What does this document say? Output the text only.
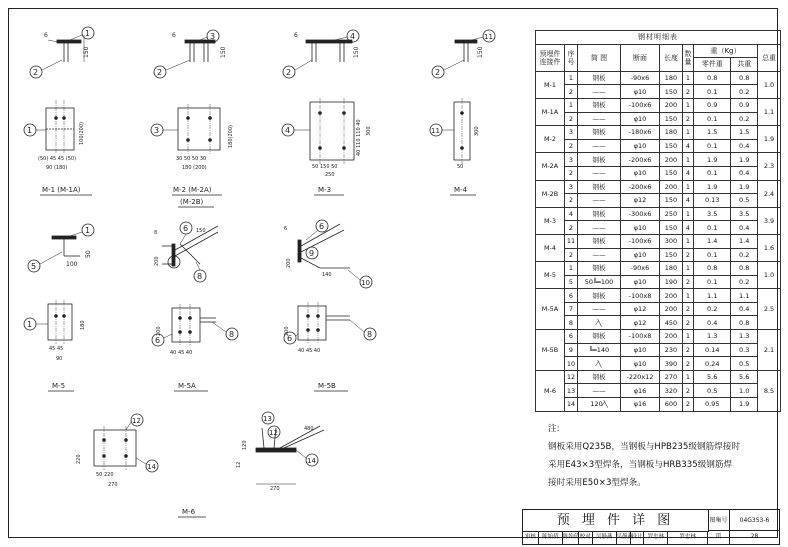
150
6	1
2
100(200)
(50) 45 45 (50)
90 (180)
1
M-1 (M-1A)
150
6	3
2
180(200)
30 50 50 30
180 (200)
3
M-2 (M-2A)
(M-2B)
150
6	4
2
40 110 110 40 300
50 150 50
250
4
M-3
150
11
2
300
50
11
M-4
100
50
1
5
180
45 45
90
1
M-5
200
8	150
6
7
8
200
40 45 40
6
8
M-5A
140
6
200
6
9
10
200
40 45 40
6	8
M-5B
220
50 220
270
12
14
M-6
120
12
480
270
13
12
14
钢材明细表								
预埋件连接件	序号	简 图	断面	长度	数量	重（Kg）		总重
						零件重	共重	
M-1	1	钢板	-90x6	180	1	0.8	0.8	1.0
	2	——	φ10	150	2	0.1	0.2	
M-1A	1	钢板	-100x6	200	1	0.9	0.9	1.1
	2	——	φ10	150	2	0.1	0.2	
M-2	3	钢板	-180x6	180	1	1.5	1.5	1.9
	2	——	φ10	150	4	0.1	0.4	
M-2A	3	钢板	-200x6	200	1	1.9	1.9	2.3
	2	——	φ10	150	4	0.1	0.4	
M-2B	3	钢板	-200x6	200	1	1.9	1.9	2.4
	2	——	φ12	150	4	0.13	0.5	
M-3	4	钢板	-300x6	250	1	3.5	3.5	3.9
	2	——	φ10	150	4	0.1	0.4	
M-4	11	钢板	-100x6	300	1	1.4	1.4	1.6
	2	——	φ10	150	2	0.1	0.2	
M-5	1	钢板	-90x6	180	1	0.8	0.8	1.0
	5	50╚═100	φ10	190	2	0.1	0.2	
M-5A	6	钢板	-100x8	200	1	1.1	1.1	2.5
	7	——	φ12	200	2	0.2	0.4	
	8	⁄╲	φ12	450	2	0.4	0.8	
M-5B	6	钢板	-100x8	200	1	1.3	1.3	2.1
	9	╚═140	φ10	230	2	0.14	0.3	
	10	⁄╲	φ10	390	2	0.24	0.5	
M-6	12	钢板	-220x12	270	1	5.6	5.6	8.5
	13	——	φ16	320	2	0.5	1.0	
	14	120⁄╲	φ16	600	2	0.95	1.9	
注:
钢板采用Q235B，当钢板与HPB235级钢筋焊接时
采用E43×3型焊条，当钢板与HRB335级钢筋焊
接时采用E50×3型焊条。
预 埋 件 详 图	图集号	04G353-6
审核	陈始倩 陈始倩 校对 吴静燕 吴静燕
设计 罗忠林	罗忠林	页	28
